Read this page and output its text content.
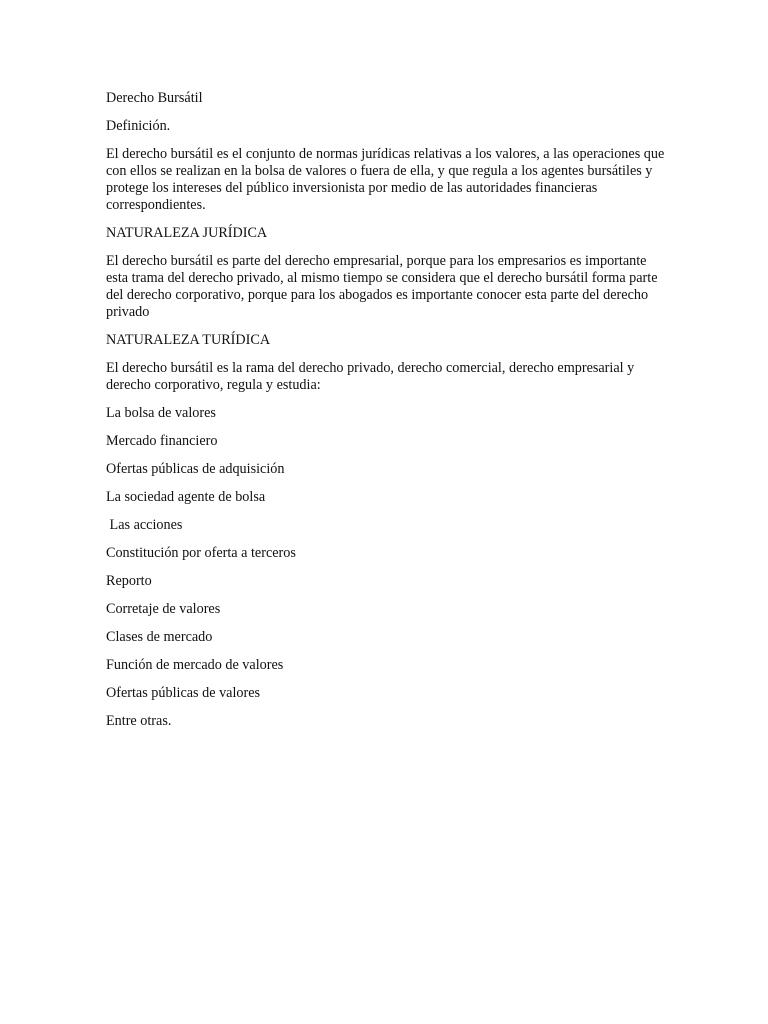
Derecho Bursátil

Definición.

El derecho bursátil es el conjunto de normas jurídicas relativas a los valores, a las operaciones que con ellos se realizan en la bolsa de valores o fuera de ella, y que regula a los agentes bursátiles y protege los intereses del público inversionista por medio de las autoridades financieras correspondientes.

NATURALEZA JURÍDICA

El derecho bursátil es parte del derecho empresarial, porque para los empresarios es importante esta trama del derecho privado, al mismo tiempo se considera que el derecho bursátil forma parte del derecho corporativo, porque para los abogados es importante conocer esta parte del derecho privado

NATURALEZA TURÍDICA

El derecho bursátil es la rama del derecho privado, derecho comercial, derecho empresarial y derecho corporativo, regula y estudia:

La bolsa de valores

Mercado financiero

Ofertas públicas de adquisición

La sociedad agente de bolsa

Las acciones

Constitución por oferta a terceros

Reporto

Corretaje de valores

Clases de mercado

Función de mercado de valores

Ofertas públicas de valores

Entre otras.
